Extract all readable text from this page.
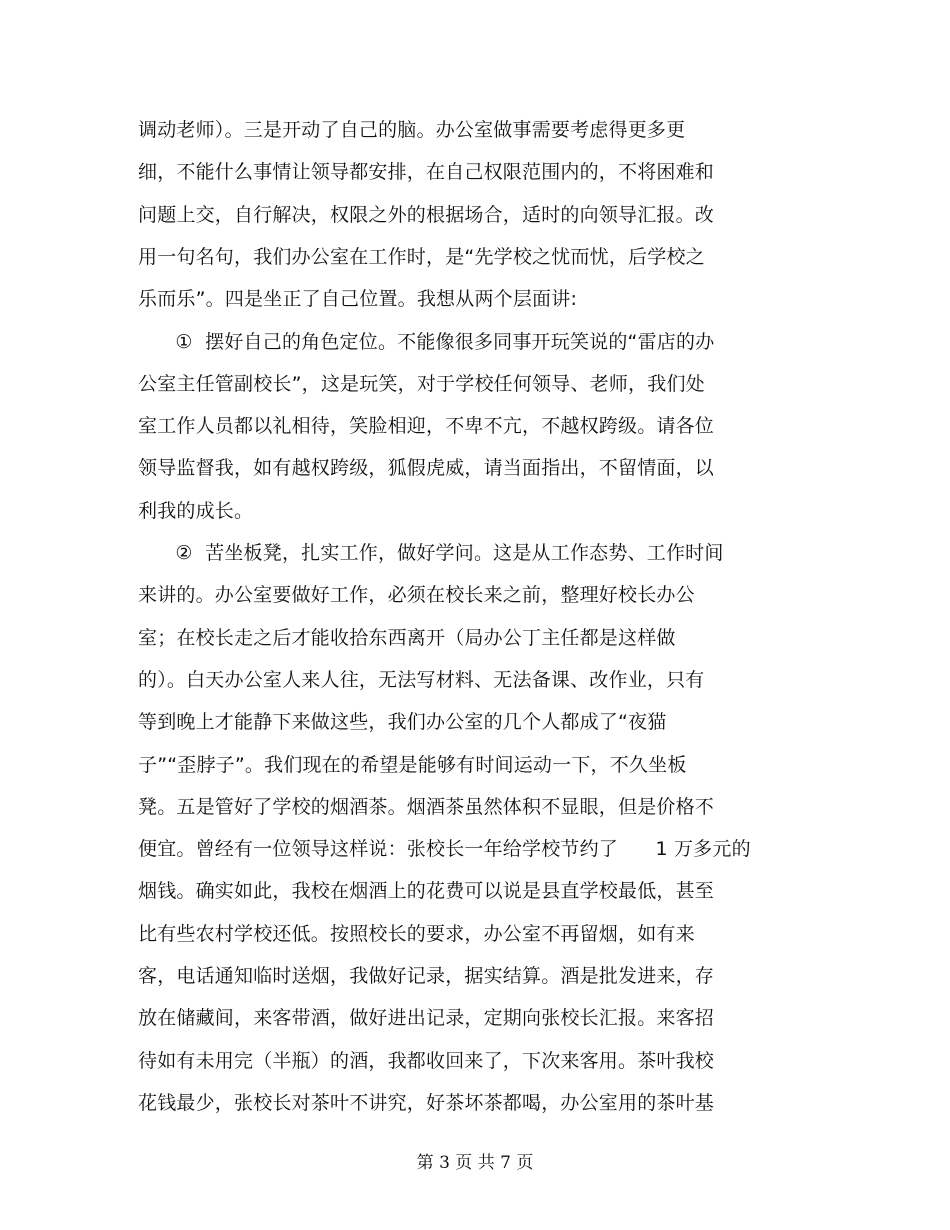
调动老师）。三是开动了自己的脑。办公室做事需要考虑得更多更
细，不能什么事情让领导都安排，在自己权限范围内的，不将困难和
问题上交，自行解决，权限之外的根据场合，适时的向领导汇报。改
用一句名句，我们办公室在工作时，是“先学校之忧而忧，后学校之
乐而乐”。四是坐正了自己位置。我想从两个层面讲:
①  摆好自己的角色定位。不能像很多同事开玩笑说的“雷店的办
公室主任管副校长”，这是玩笑，对于学校任何领导、老师，我们处
室工作人员都以礼相待，笑脸相迎，不卑不亢，不越权跨级。请各位
领导监督我，如有越权跨级，狐假虎威，请当面指出，不留情面，以
利我的成长。
②  苦坐板凳，扎实工作，做好学问。这是从工作态势、工作时间
来讲的。办公室要做好工作，必须在校长来之前，整理好校长办公
室；在校长走之后才能收拾东西离开（局办公丁主任都是这样做
的）。白天办公室人来人往，无法写材料、无法备课、改作业，只有
等到晚上才能静下来做这些，我们办公室的几个人都成了“夜猫
子”“歪脖子”。我们现在的希望是能够有时间运动一下，不久坐板
凳。五是管好了学校的烟酒茶。烟酒茶虽然体积不显眼，但是价格不
便宜。曾经有一位领导这样说：张校长一年给学校节约了      1 万多元的
烟钱。确实如此，我校在烟酒上的花费可以说是县直学校最低，甚至
比有些农村学校还低。按照校长的要求，办公室不再留烟，如有来
客，电话通知临时送烟，我做好记录，据实结算。酒是批发进来，存
放在储藏间，来客带酒，做好进出记录，定期向张校长汇报。来客招
待如有未用完（半瓶）的酒，我都收回来了，下次来客用。茶叶我校
花钱最少，张校长对茶叶不讲究，好茶坏茶都喝，办公室用的茶叶基
第 3 页 共 7 页
